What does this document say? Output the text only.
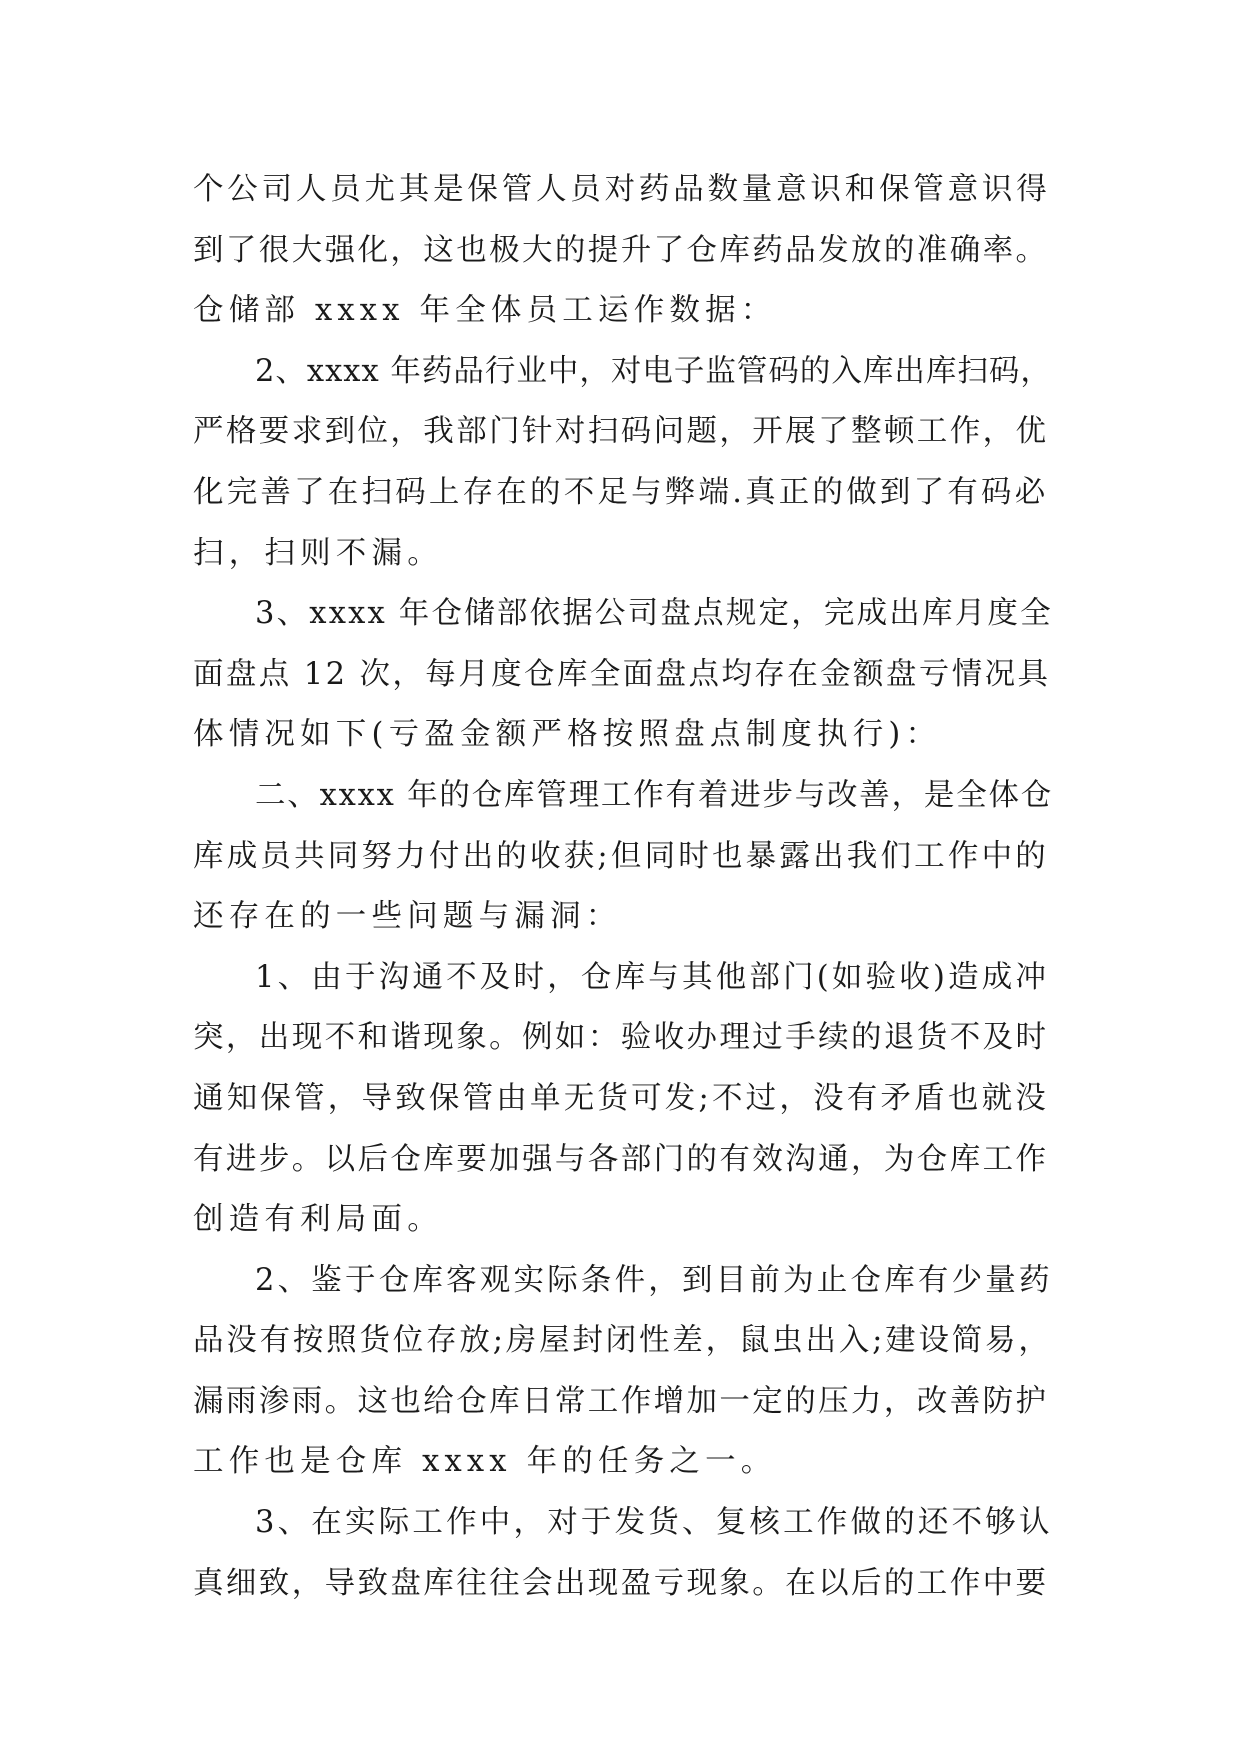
个公司人员尤其是保管人员对药品数量意识和保管意识得
到了很大强化，这也极大的提升了仓库药品发放的准确率。
仓储部 xxxx 年全体员工运作数据：
2、xxxx 年药品行业中，对电子监管码的入库出库扫码，
严格要求到位，我部门针对扫码问题，开展了整顿工作，优
化完善了在扫码上存在的不足与弊端.真正的做到了有码必
扫，扫则不漏。
3、xxxx 年仓储部依据公司盘点规定，完成出库月度全
面盘点 12 次，每月度仓库全面盘点均存在金额盘亏情况具
体情况如下(亏盈金额严格按照盘点制度执行)：
二、xxxx 年的仓库管理工作有着进步与改善，是全体仓
库成员共同努力付出的收获;但同时也暴露出我们工作中的
还存在的一些问题与漏洞：
1、由于沟通不及时，仓库与其他部门(如验收)造成冲
突，出现不和谐现象。例如：验收办理过手续的退货不及时
通知保管，导致保管由单无货可发;不过，没有矛盾也就没
有进步。以后仓库要加强与各部门的有效沟通，为仓库工作
创造有利局面。
2、鉴于仓库客观实际条件，到目前为止仓库有少量药
品没有按照货位存放;房屋封闭性差，鼠虫出入;建设简易，
漏雨渗雨。这也给仓库日常工作增加一定的压力，改善防护
工作也是仓库 xxxx 年的任务之一。
3、在实际工作中，对于发货、复核工作做的还不够认
真细致，导致盘库往往会出现盈亏现象。在以后的工作中要
